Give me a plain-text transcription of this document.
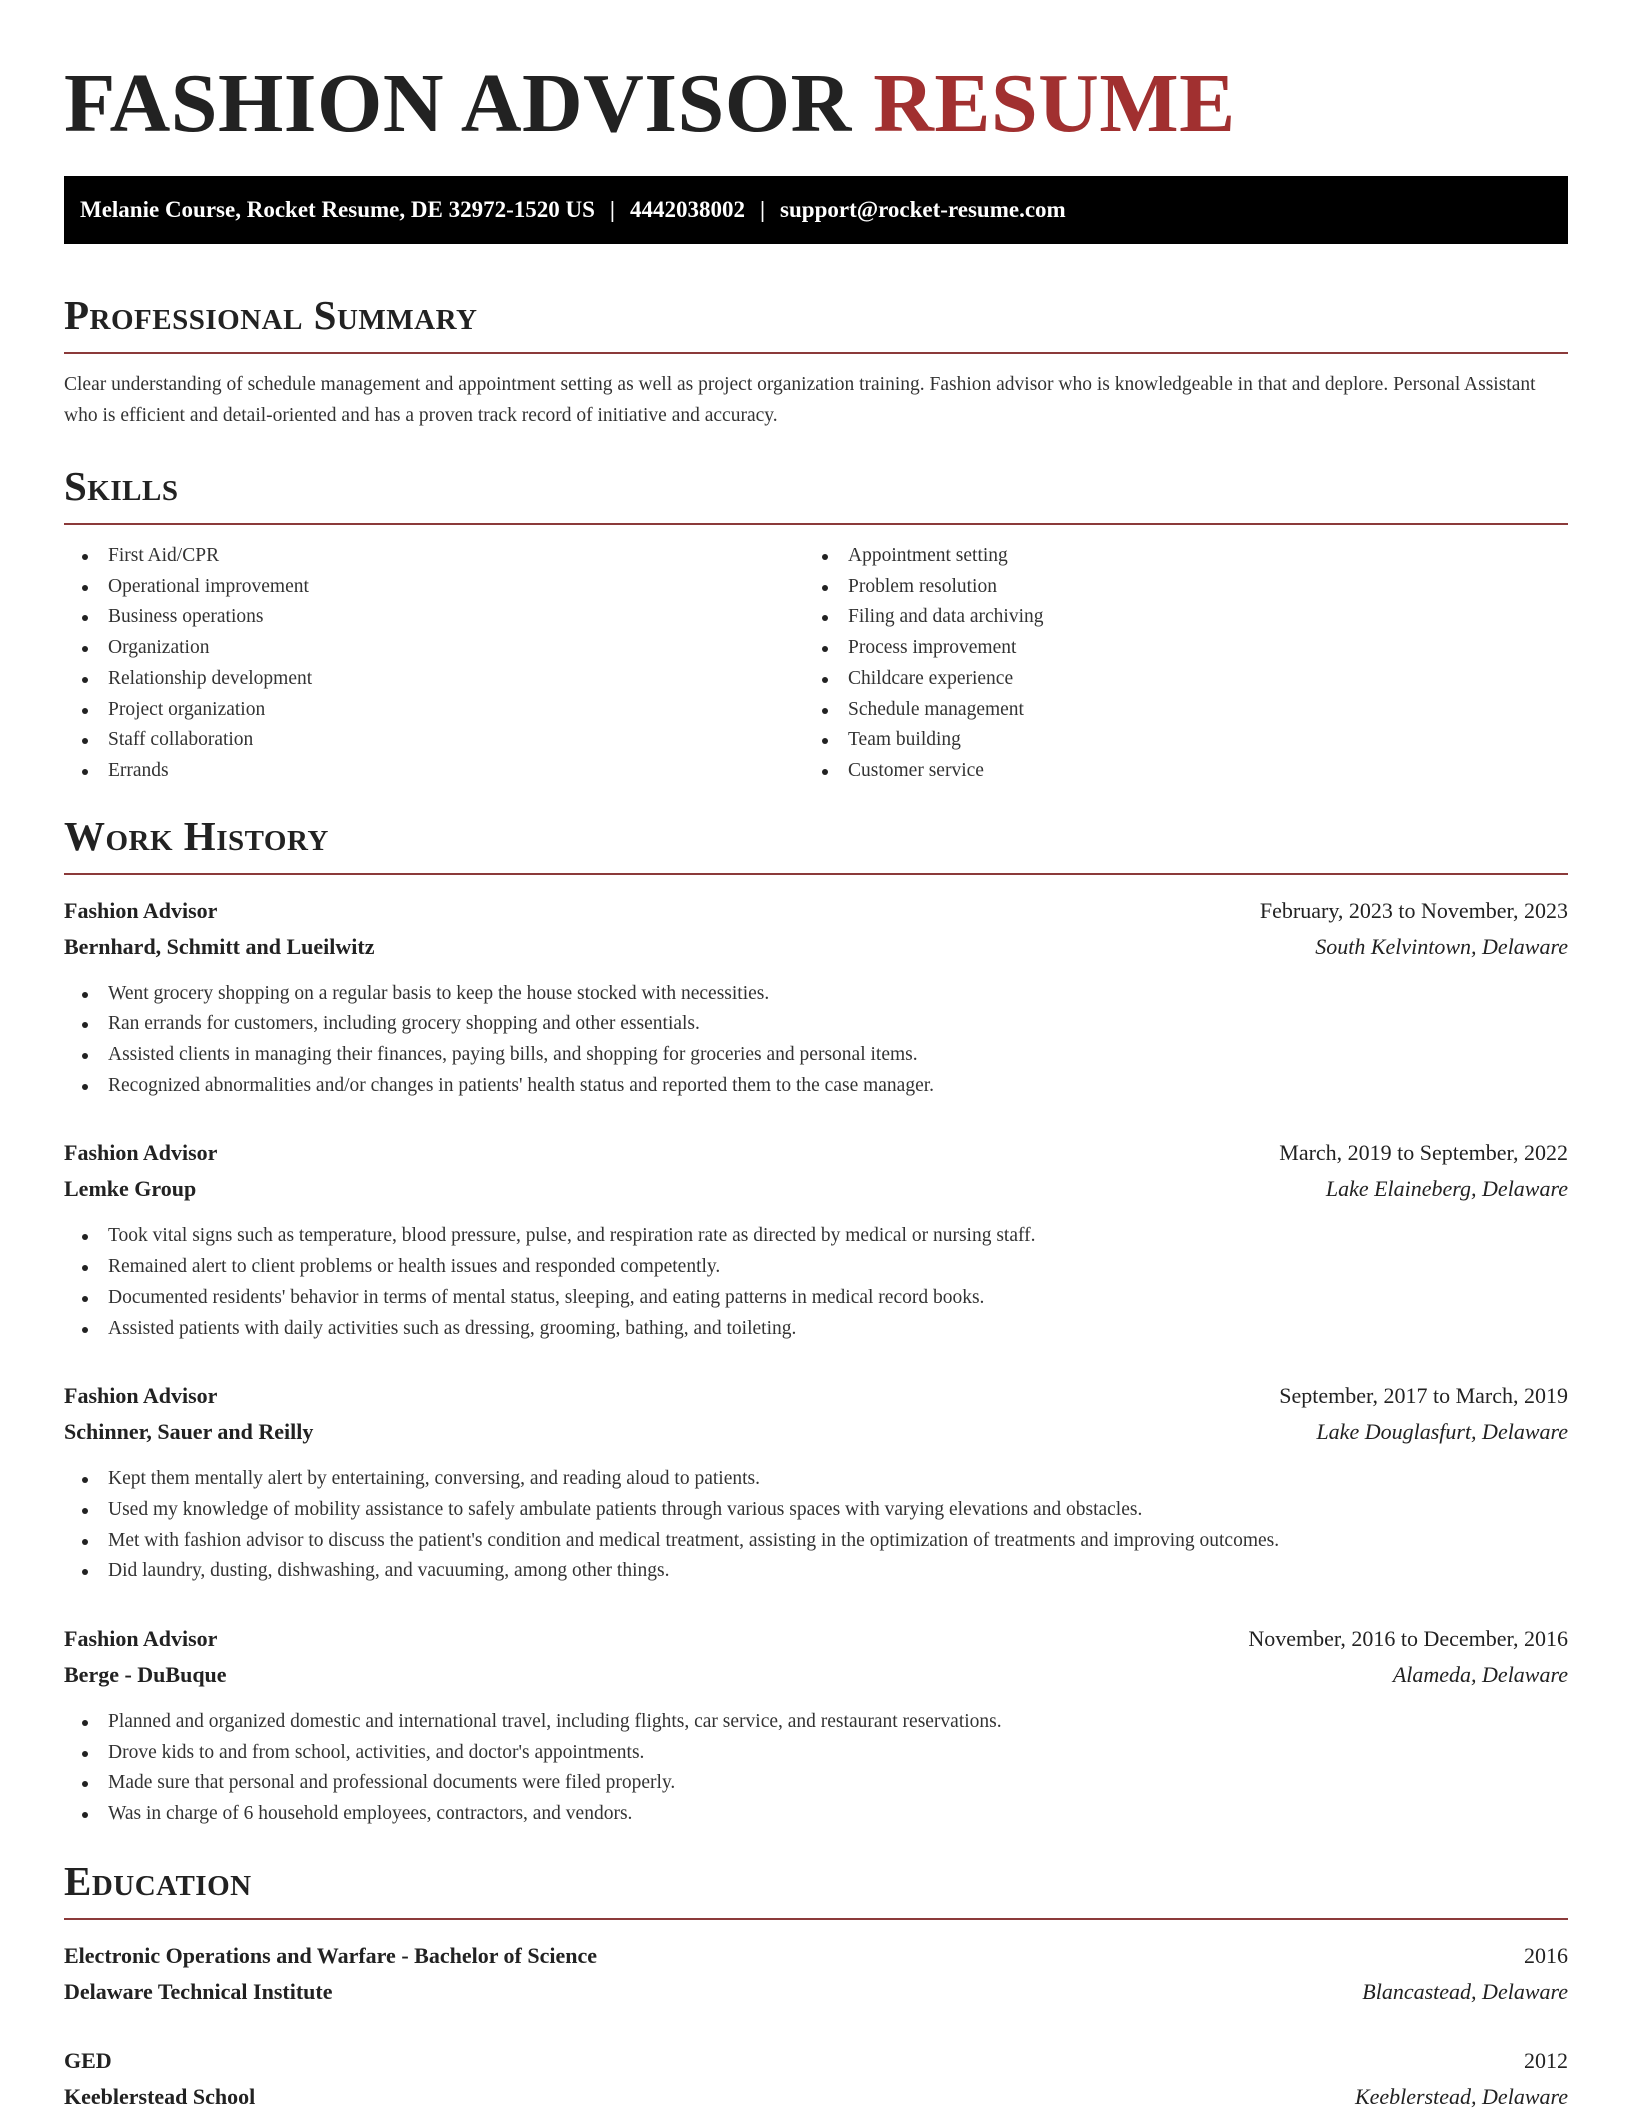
FASHION ADVISOR RESUME
Melanie Course, Rocket Resume, DE 32972-1520 US | 4442038002 | support@rocket-resume.com
Professional Summary

Clear understanding of schedule management and appointment setting as well as project organization training. Fashion advisor who is knowledgeable in that and deplore. Personal Assistant who is efficient and detail-oriented and has a proven track record of initiative and accuracy.

Skills
First Aid/CPR
Operational improvement
Business operations
Organization
Relationship development
Project organization
Staff collaboration
Errands
Appointment setting
Problem resolution
Filing and data archiving
Process improvement
Childcare experience
Schedule management
Team building
Customer service
Work History
Fashion Advisor	February, 2023 to November, 2023
Bernhard, Schmitt and Lueilwitz	South Kelvintown, Delaware
Went grocery shopping on a regular basis to keep the house stocked with necessities.
Ran errands for customers, including grocery shopping and other essentials.
Assisted clients in managing their finances, paying bills, and shopping for groceries and personal items.
Recognized abnormalities and/or changes in patients' health status and reported them to the case manager.
Fashion Advisor	March, 2019 to September, 2022
Lemke Group	Lake Elaineberg, Delaware
Took vital signs such as temperature, blood pressure, pulse, and respiration rate as directed by medical or nursing staff.
Remained alert to client problems or health issues and responded competently.
Documented residents' behavior in terms of mental status, sleeping, and eating patterns in medical record books.
Assisted patients with daily activities such as dressing, grooming, bathing, and toileting.
Fashion Advisor	September, 2017 to March, 2019
Schinner, Sauer and Reilly	Lake Douglasfurt, Delaware
Kept them mentally alert by entertaining, conversing, and reading aloud to patients.
Used my knowledge of mobility assistance to safely ambulate patients through various spaces with varying elevations and obstacles.
Met with fashion advisor to discuss the patient's condition and medical treatment, assisting in the optimization of treatments and improving outcomes.
Did laundry, dusting, dishwashing, and vacuuming, among other things.
Fashion Advisor	November, 2016 to December, 2016
Berge - DuBuque	Alameda, Delaware
Planned and organized domestic and international travel, including flights, car service, and restaurant reservations.
Drove kids to and from school, activities, and doctor's appointments.
Made sure that personal and professional documents were filed properly.
Was in charge of 6 household employees, contractors, and vendors.
Education
Electronic Operations and Warfare - Bachelor of Science	2016
Delaware Technical Institute	Blancastead, Delaware
GED	2012
Keeblerstead School	Keeblerstead, Delaware
